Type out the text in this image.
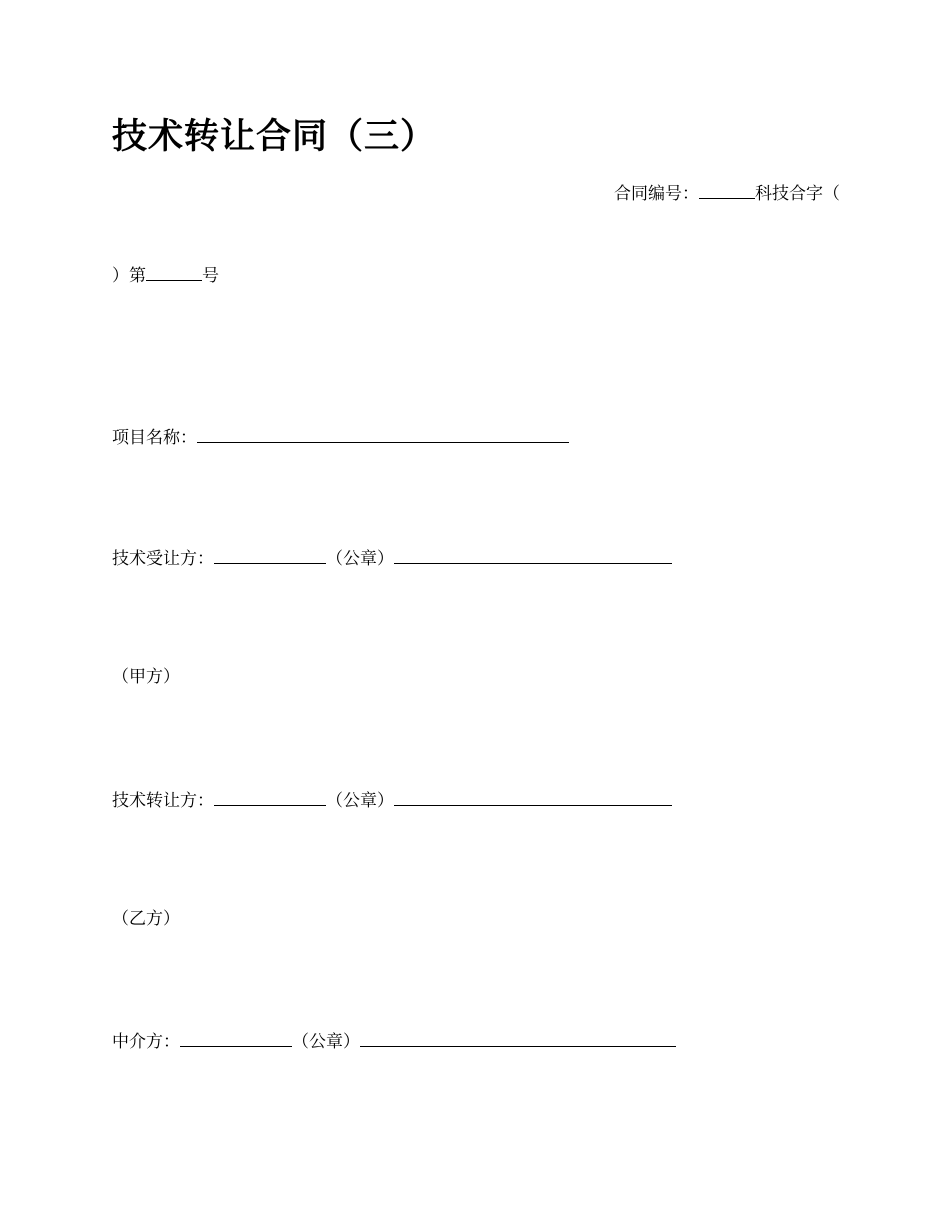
技术转让合同（三）
合同编号：	科技合字（
）第	号
项目名称：
技术受让方：	（公章）
（甲方）
技术转让方：	（公章）
（乙方）
中介方：	（公章）
